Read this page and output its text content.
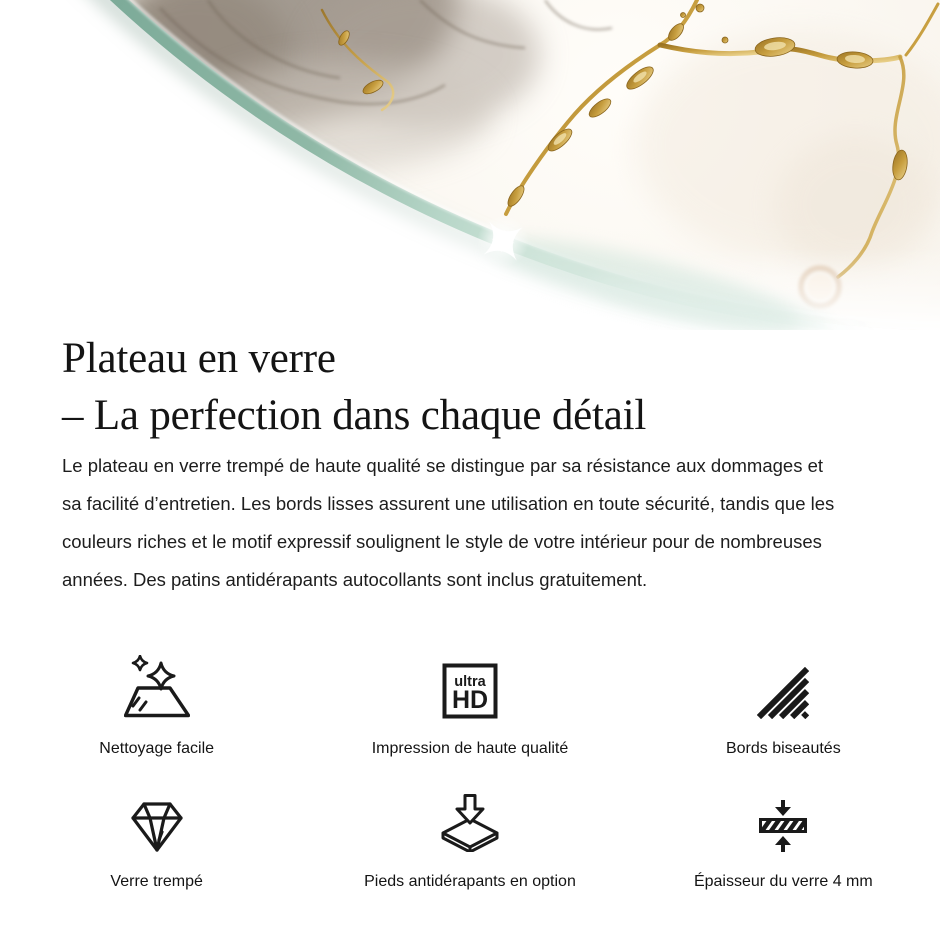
Plateau en verre
– La perfection dans chaque détail

Le plateau en verre trempé de haute qualité se distingue par sa résistance aux dommages et
sa facilité d’entretien. Les bords lisses assurent une utilisation en toute sécurité, tandis que les
couleurs riches et le motif expressif soulignent le style de votre intérieur pour de nombreuses
années. Des patins antidérapants autocollants sont inclus gratuitement.

Nettoyage facile
ultra
HD
Impression de haute qualité	Bords biseautés
Verre trempé	Pieds antidérapants en option	Épaisseur du verre 4 mm
